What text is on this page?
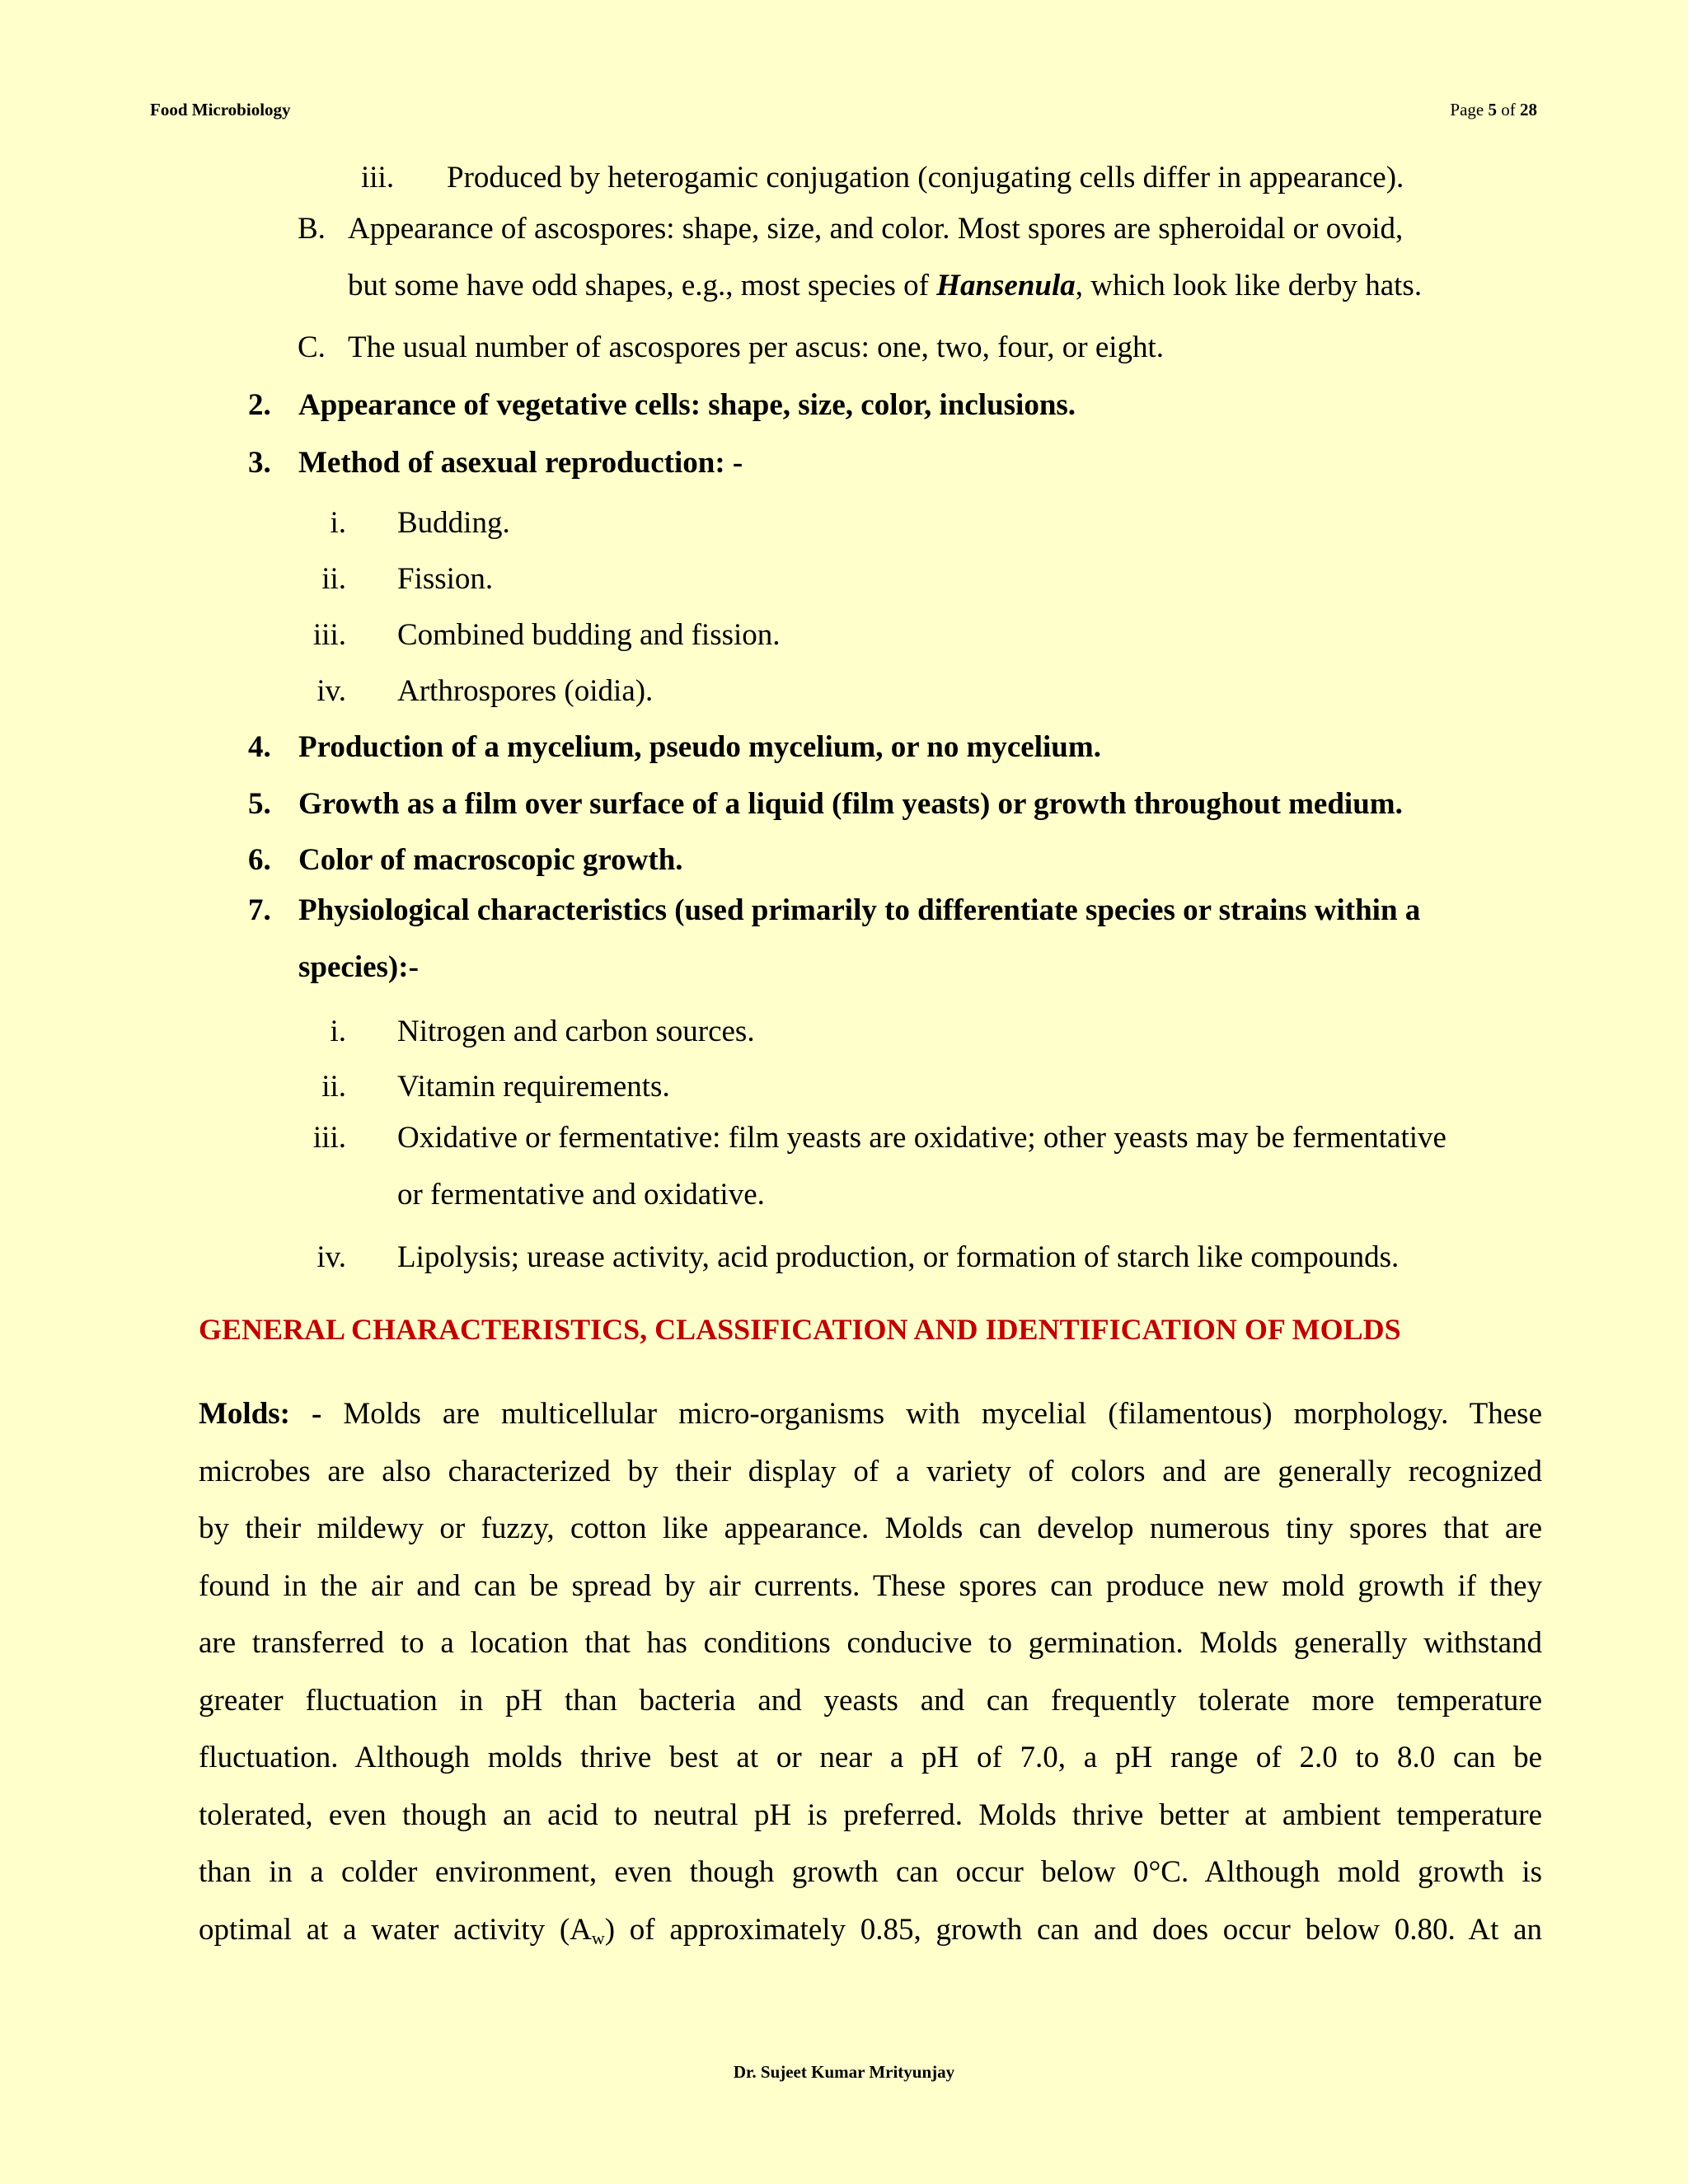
Food Microbiology	Page 5 of 28
iii. Produced by heterogamic conjugation (conjugating cells differ in appearance).
B. Appearance of ascospores: shape, size, and color. Most spores are spheroidal or ovoid,
but some have odd shapes, e.g., most species of Hansenula, which look like derby hats.
C. The usual number of ascospores per ascus: one, two, four, or eight.
2. Appearance of vegetative cells: shape, size, color, inclusions.
3. Method of asexual reproduction: -
i. Budding.
ii. Fission.
iii. Combined budding and fission.
iv. Arthrospores (oidia).
4. Production of a mycelium, pseudo mycelium, or no mycelium.
5. Growth as a film over surface of a liquid (film yeasts) or growth throughout medium.
6. Color of macroscopic growth.
7. Physiological characteristics (used primarily to differentiate species or strains within a
species):-
i. Nitrogen and carbon sources.
ii. Vitamin requirements.
iii. Oxidative or fermentative: film yeasts are oxidative; other yeasts may be fermentative
or fermentative and oxidative.
iv. Lipolysis; urease activity, acid production, or formation of starch like compounds.
GENERAL CHARACTERISTICS, CLASSIFICATION AND IDENTIFICATION OF MOLDS
Molds: - Molds are multicellular micro-organisms with mycelial (filamentous) morphology. These
microbes are also characterized by their display of a variety of colors and are generally recognized
by their mildewy or fuzzy, cotton like appearance. Molds can develop numerous tiny spores that are
found in the air and can be spread by air currents. These spores can produce new mold growth if they
are transferred to a location that has conditions conducive to germination. Molds generally withstand
greater fluctuation in pH than bacteria and yeasts and can frequently tolerate more temperature
fluctuation. Although molds thrive best at or near a pH of 7.0, a pH range of 2.0 to 8.0 can be
tolerated, even though an acid to neutral pH is preferred. Molds thrive better at ambient temperature
than in a colder environment, even though growth can occur below 0°C. Although mold growth is
optimal at a water activity $(A_w)$ of approximately 0.85, growth can and does occur below 0.80. At an
Dr. Sujeet Kumar Mrityunjay
